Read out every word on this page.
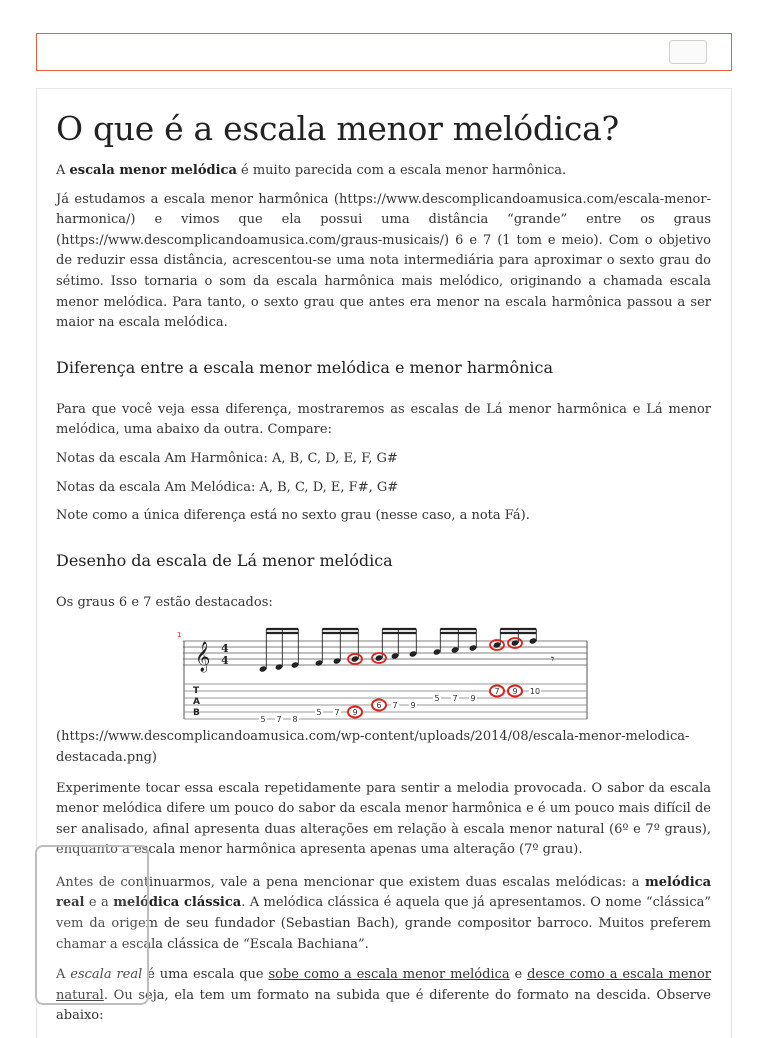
O que é a escala menor melódica?

A escala menor melódica é muito parecida com a escala menor harmônica.

Já estudamos a escala menor harmônica (https://www.descomplicandoamusica.com/escala-menor-harmonica/) e vimos que ela possui uma distância “grande” entre os graus (https://www.descomplicandoamusica.com/graus-musicais/) 6 e 7 (1 tom e meio). Com o objetivo de reduzir essa distância, acrescentou-se uma nota intermediária para aproximar o sexto grau do sétimo. Isso tornaria o som da escala harmônica mais melódico, originando a chamada escala menor melódica. Para tanto, o sexto grau que antes era menor na escala harmônica passou a ser maior na escala melódica.

Diferença entre a escala menor melódica e menor harmônica

Para que você veja essa diferença, mostraremos as escalas de Lá menor harmônica e Lá menor melódica, uma abaixo da outra. Compare:

Notas da escala Am Harmônica: A, B, C, D, E, F, G#

Notas da escala Am Melódica: A, B, C, D, E, F#, G#

Note como a única diferença está no sexto grau (nesse caso, a nota Fá).

Desenho da escala de Lá menor melódica

Os graus 6 e 7 estão destacados:

1
𝄞 4
4
T
A
B
5 7 8
5 7 9
6 7 9
5 7 9
7 9 10
𝄾

(https://www.descomplicandoamusica.com/wp-content/uploads/2014/08/escala-menor-melodica-destacada.png)

Experimente tocar essa escala repetidamente para sentir a melodia provocada. O sabor da escala menor melódica difere um pouco do sabor da escala menor harmônica e é um pouco mais difícil de ser analisado, afinal apresenta duas alterações em relação à escala menor natural (6º e 7º graus), enquanto a escala menor harmônica apresenta apenas uma alteração (7º grau).

Antes de continuarmos, vale a pena mencionar que existem duas escalas melódicas: a melódica real e a melódica clássica. A melódica clássica é aquela que já apresentamos. O nome “clássica” vem da origem de seu fundador (Sebastian Bach), grande compositor barroco. Muitos preferem chamar a escala clássica de “Escala Bachiana”.

A escala real é uma escala que sobe como a escala menor melódica e desce como a escala menor natural. Ou seja, ela tem um formato na subida que é diferente do formato na descida. Observe abaixo:
